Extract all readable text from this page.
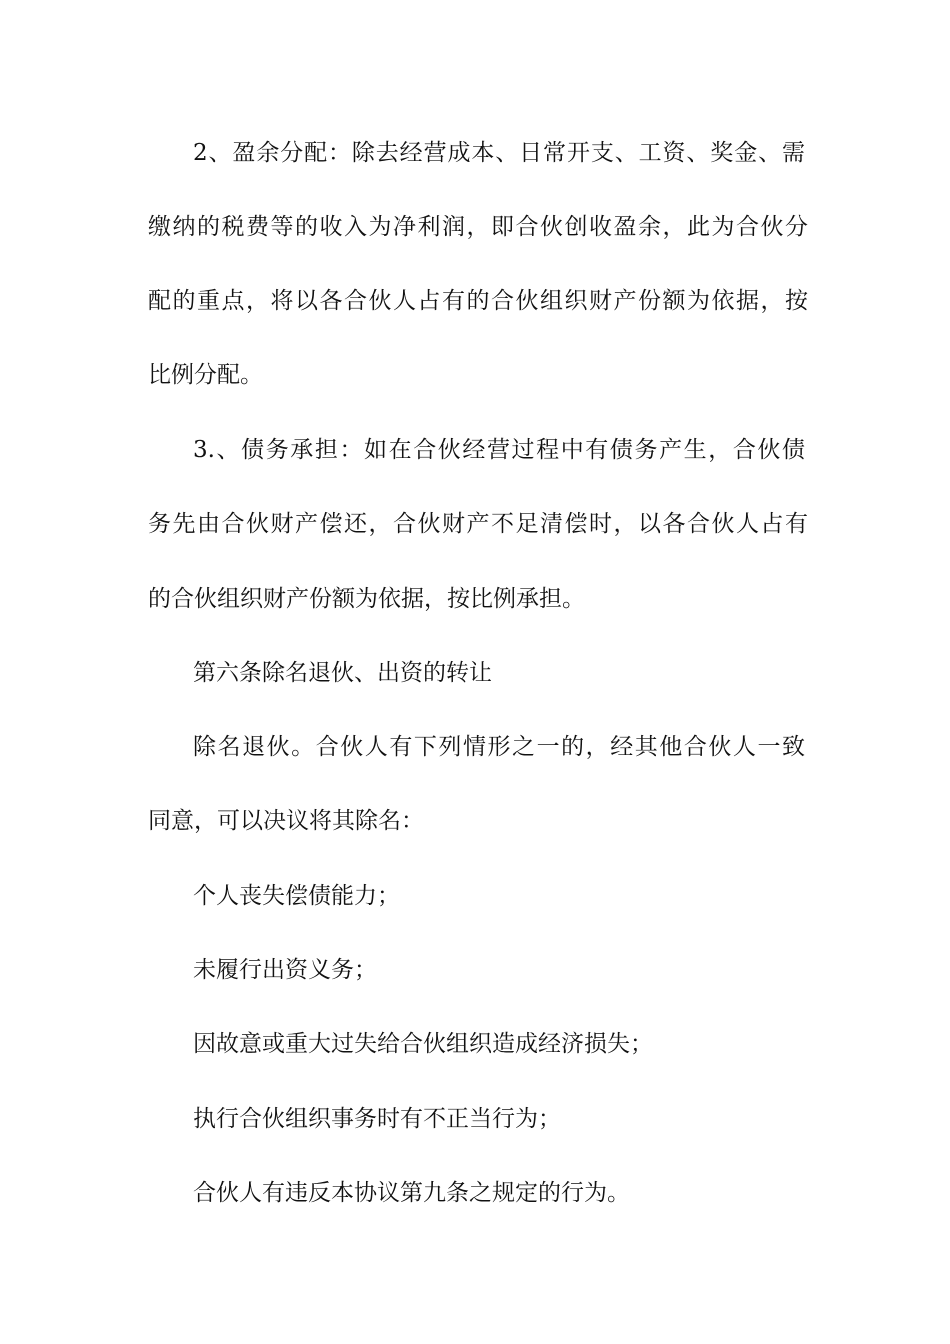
2、盈余分配：除去经营成本、日常开支、工资、奖金、需
缴纳的税费等的收入为净利润，即合伙创收盈余，此为合伙分
配的重点，将以各合伙人占有的合伙组织财产份额为依据，按
比例分配。
3.、债务承担：如在合伙经营过程中有债务产生，合伙债
务先由合伙财产偿还，合伙财产不足清偿时，以各合伙人占有
的合伙组织财产份额为依据，按比例承担。
第六条除名退伙、出资的转让
除名退伙。合伙人有下列情形之一的，经其他合伙人一致
同意，可以决议将其除名：
个人丧失偿债能力；
未履行出资义务；
因故意或重大过失给合伙组织造成经济损失；
执行合伙组织事务时有不正当行为；
合伙人有违反本协议第九条之规定的行为。
